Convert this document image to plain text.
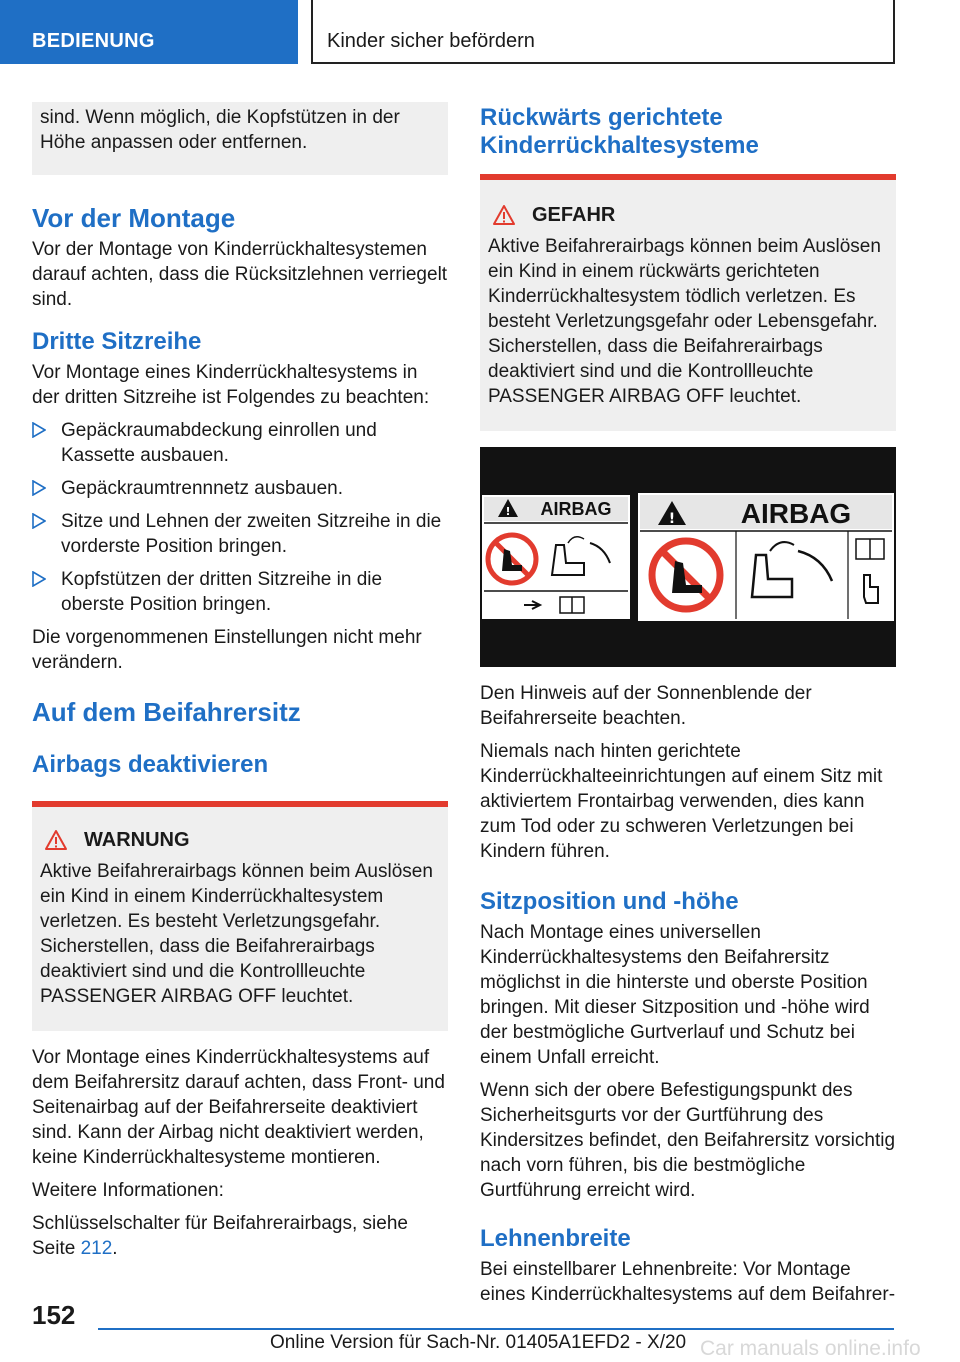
BEDIENUNG	Kinder sicher befördern
sind. Wenn möglich, die Kopfstützen in der Höhe anpassen oder entfernen.
Vor der Montage
Vor der Montage von Kinderrückhaltesystemen darauf achten, dass die Rücksitzlehnen verriegelt sind.
Dritte Sitzreihe
Vor Montage eines Kinderrückhaltesystems in der dritten Sitzreihe ist Folgendes zu beachten:
Gepäckraumabdeckung einrollen und Kassette ausbauen.
Gepäckraumtrennnetz ausbauen.
Sitze und Lehnen der zweiten Sitzreihe in die vorderste Position bringen.
Kopfstützen der dritten Sitzreihe in die oberste Position bringen.
Die vorgenommenen Einstellungen nicht mehr verändern.
Auf dem Beifahrersitz
Airbags deaktivieren
WARNUNG
Aktive Beifahrerairbags können beim Auslösen ein Kind in einem Kinderrückhaltesystem verletzen. Es besteht Verletzungsgefahr. Sicherstellen, dass die Beifahrerairbags deaktiviert sind und die Kontrollleuchte PASSENGER AIRBAG OFF leuchtet.
Vor Montage eines Kinderrückhaltesystems auf dem Beifahrersitz darauf achten, dass Front- und Seitenairbag auf der Beifahrerseite deaktiviert sind. Kann der Airbag nicht deaktiviert werden, keine Kinderrückhaltesysteme montieren.
Weitere Informationen:
Schlüsselschalter für Beifahrerairbags, siehe Seite 212.
Rückwärts gerichtete Kinderrückhaltesysteme
GEFAHR
Aktive Beifahrerairbags können beim Auslösen ein Kind in einem rückwärts gerichteten Kinderrückhaltesystem tödlich verletzen. Es besteht Verletzungsgefahr oder Lebensgefahr. Sicherstellen, dass die Beifahrerairbags deaktiviert sind und die Kontrollleuchte PASSENGER AIRBAG OFF leuchtet.
! AIRBAG	! AIRBAG
Den Hinweis auf der Sonnenblende der Beifahrerseite beachten.
Niemals nach hinten gerichtete Kinderrückhalteeinrichtungen auf einem Sitz mit aktiviertem Frontairbag verwenden, dies kann zum Tod oder zu schweren Verletzungen bei Kindern führen.
Sitzposition und -höhe
Nach Montage eines universellen Kinderrückhaltesystems den Beifahrersitz möglichst in die hinterste und oberste Position bringen. Mit dieser Sitzposition und -höhe wird der bestmögliche Gurtverlauf und Schutz bei einem Unfall erreicht.
Wenn sich der obere Befestigungspunkt des Sicherheitsgurts vor der Gurtführung des Kindersitzes befindet, den Beifahrersitz vorsichtig nach vorn führen, bis die bestmögliche Gurtführung erreicht wird.
Lehnenbreite
Bei einstellbarer Lehnenbreite: Vor Montage eines Kinderrückhaltesystems auf dem Beifahrer-
152
Online Version für Sach-Nr. 01405A1EFD2 - X/20 Car manuals online.info
